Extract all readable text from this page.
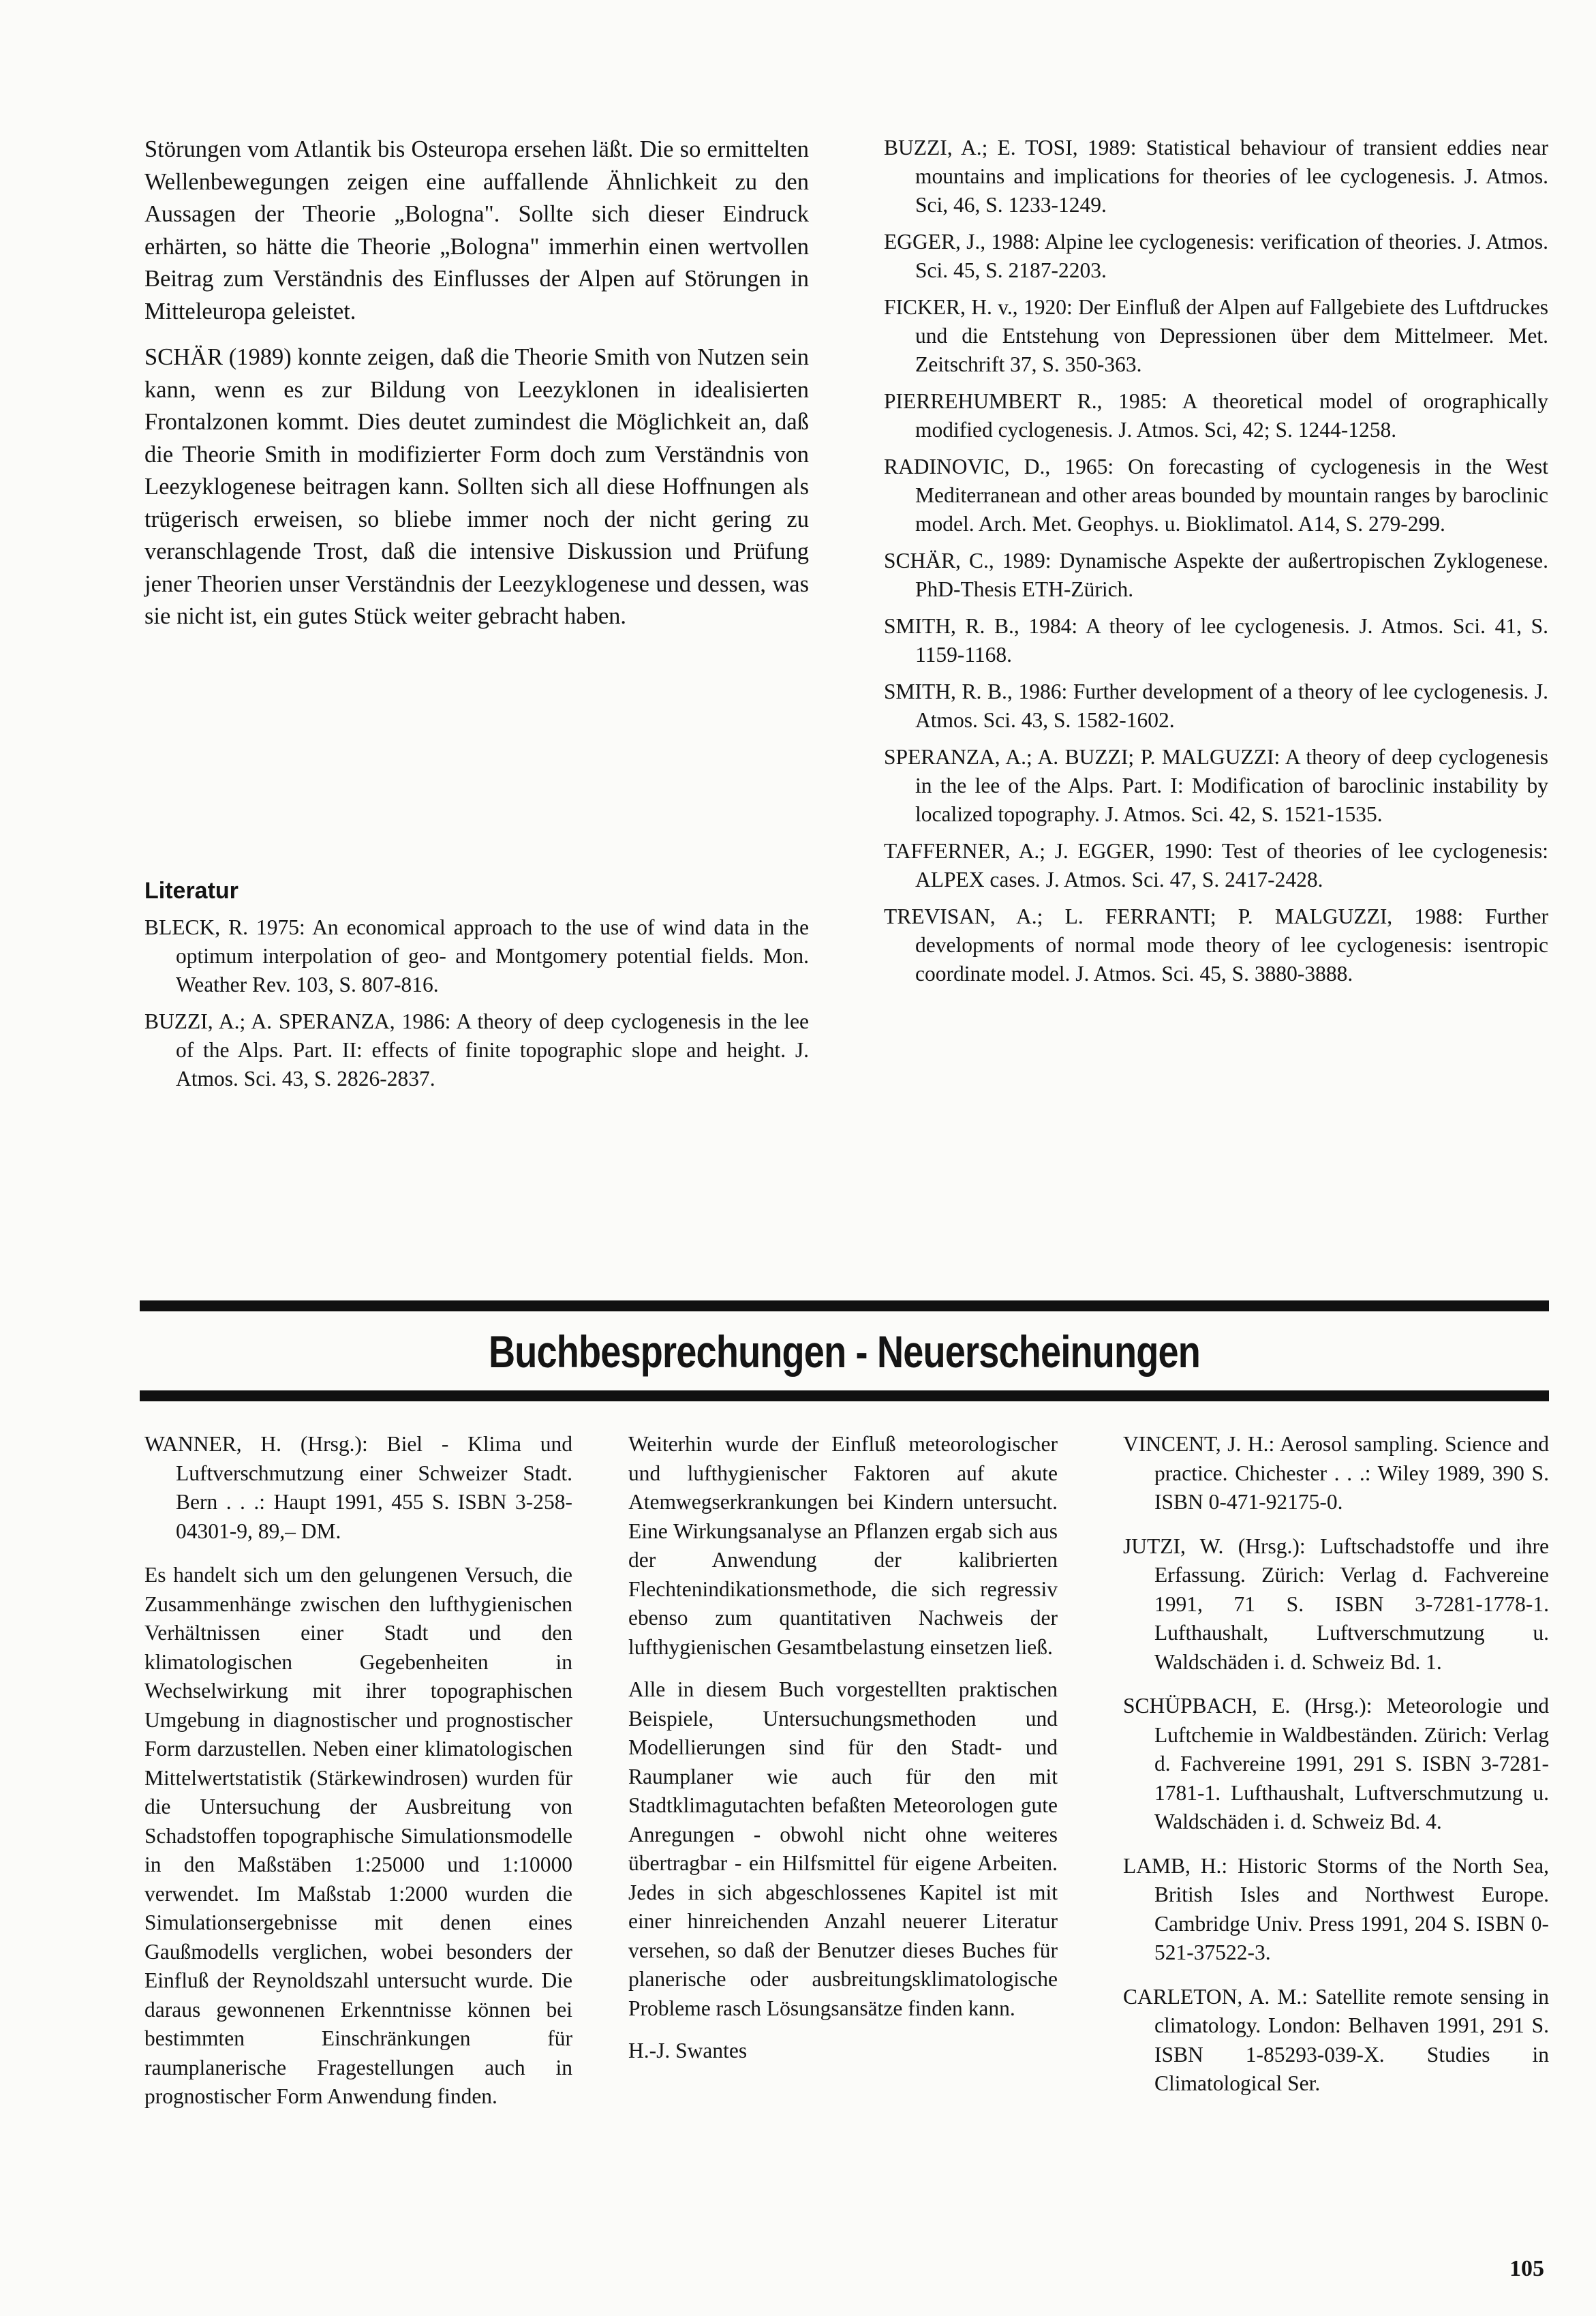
Störungen vom Atlantik bis Osteuropa ersehen läßt. Die so ermittelten Wellenbewegungen zeigen eine auffallende Ähnlichkeit zu den Aussagen der Theorie „Bologna". Sollte sich dieser Eindruck erhärten, so hätte die Theorie „Bologna" immerhin einen wertvollen Beitrag zum Verständnis des Einflusses der Alpen auf Störungen in Mitteleuropa geleistet.

SCHÄR (1989) konnte zeigen, daß die Theorie Smith von Nutzen sein kann, wenn es zur Bildung von Leezyklonen in idealisierten Frontalzonen kommt. Dies deutet zumindest die Möglichkeit an, daß die Theorie Smith in modifizierter Form doch zum Verständnis von Leezyklogenese beitragen kann. Sollten sich all diese Hoffnungen als trügerisch erweisen, so bliebe immer noch der nicht gering zu veranschlagende Trost, daß die intensive Diskussion und Prüfung jener Theorien unser Verständnis der Leezyklogenese und dessen, was sie nicht ist, ein gutes Stück weiter gebracht haben.

Literatur

BLECK, R. 1975: An economical approach to the use of wind data in the optimum interpolation of geo- and Montgomery potential fields. Mon. Weather Rev. 103, S. 807-816.

BUZZI, A.; A. SPERANZA, 1986: A theory of deep cyclogenesis in the lee of the Alps. Part. II: effects of finite topographic slope and height. J. Atmos. Sci. 43, S. 2826-2837.

BUZZI, A.; E. TOSI, 1989: Statistical behaviour of transient eddies near mountains and implications for theories of lee cyclogenesis. J. Atmos. Sci, 46, S. 1233-1249.

EGGER, J., 1988: Alpine lee cyclogenesis: verification of theories. J. Atmos. Sci. 45, S. 2187-2203.

FICKER, H. v., 1920: Der Einfluß der Alpen auf Fallgebiete des Luftdruckes und die Entstehung von Depressionen über dem Mittelmeer. Met. Zeitschrift 37, S. 350-363.

PIERREHUMBERT R., 1985: A theoretical model of orographically modified cyclogenesis. J. Atmos. Sci, 42; S. 1244-1258.

RADINOVIC, D., 1965: On forecasting of cyclogenesis in the West Mediterranean and other areas bounded by mountain ranges by baroclinic model. Arch. Met. Geophys. u. Bioklimatol. A14, S. 279-299.

SCHÄR, C., 1989: Dynamische Aspekte der außertropischen Zyklogenese. PhD-Thesis ETH-Zürich.

SMITH, R. B., 1984: A theory of lee cyclogenesis. J. Atmos. Sci. 41, S. 1159-1168.

SMITH, R. B., 1986: Further development of a theory of lee cyclogenesis. J. Atmos. Sci. 43, S. 1582-1602.

SPERANZA, A.; A. BUZZI; P. MALGUZZI: A theory of deep cyclogenesis in the lee of the Alps. Part. I: Modification of baroclinic instability by localized topography. J. Atmos. Sci. 42, S. 1521-1535.

TAFFERNER, A.; J. EGGER, 1990: Test of theories of lee cyclogenesis: ALPEX cases. J. Atmos. Sci. 47, S. 2417-2428.

TREVISAN, A.; L. FERRANTI; P. MALGUZZI, 1988: Further developments of normal mode theory of lee cyclogenesis: isentropic coordinate model. J. Atmos. Sci. 45, S. 3880-3888.

Buchbesprechungen - Neuerscheinungen

WANNER, H. (Hrsg.): Biel - Klima und Luftverschmutzung einer Schweizer Stadt. Bern . . .: Haupt 1991, 455 S. ISBN 3-258-04301-9, 89,– DM.

Es handelt sich um den gelungenen Versuch, die Zusammenhänge zwischen den lufthygienischen Verhältnissen einer Stadt und den klimatologischen Gegebenheiten in Wechselwirkung mit ihrer topographischen Umgebung in diagnostischer und prognostischer Form darzustellen. Neben einer klimatologischen Mittelwertstatistik (Stärkewindrosen) wurden für die Untersuchung der Ausbreitung von Schadstoffen topographische Simulationsmodelle in den Maßstäben 1:25000 und 1:10000 verwendet. Im Maßstab 1:2000 wurden die Simulationsergebnisse mit denen eines Gaußmodells verglichen, wobei besonders der Einfluß der Reynoldszahl untersucht wurde. Die daraus gewonnenen Erkenntnisse können bei bestimmten Einschränkungen für raumplanerische Fragestellungen auch in prognostischer Form Anwendung finden.

Weiterhin wurde der Einfluß meteorologischer und lufthygienischer Faktoren auf akute Atemwegserkrankungen bei Kindern untersucht. Eine Wirkungsanalyse an Pflanzen ergab sich aus der Anwendung der kalibrierten Flechtenindikationsmethode, die sich regressiv ebenso zum quantitativen Nachweis der lufthygienischen Gesamtbelastung einsetzen ließ.

Alle in diesem Buch vorgestellten praktischen Beispiele, Untersuchungsmethoden und Modellierungen sind für den Stadt- und Raumplaner wie auch für den mit Stadtklimagutachten befaßten Meteorologen gute Anregungen - obwohl nicht ohne weiteres übertragbar - ein Hilfsmittel für eigene Arbeiten. Jedes in sich abgeschlossenes Kapitel ist mit einer hinreichenden Anzahl neuerer Literatur versehen, so daß der Benutzer dieses Buches für planerische oder ausbreitungsklimatologische Probleme rasch Lösungsansätze finden kann.

H.-J. Swantes

VINCENT, J. H.: Aerosol sampling. Science and practice. Chichester . . .: Wiley 1989, 390 S. ISBN 0-471-92175-0.

JUTZI, W. (Hrsg.): Luftschadstoffe und ihre Erfassung. Zürich: Verlag d. Fachvereine 1991, 71 S. ISBN 3-7281-1778-1. Lufthaushalt, Luftverschmutzung u. Waldschäden i. d. Schweiz Bd. 1.

SCHÜPBACH, E. (Hrsg.): Meteorologie und Luftchemie in Waldbeständen. Zürich: Verlag d. Fachvereine 1991, 291 S. ISBN 3-7281-1781-1. Lufthaushalt, Luftverschmutzung u. Waldschäden i. d. Schweiz Bd. 4.

LAMB, H.: Historic Storms of the North Sea, British Isles and Northwest Europe. Cambridge Univ. Press 1991, 204 S. ISBN 0-521-37522-3.

CARLETON, A. M.: Satellite remote sensing in climatology. London: Belhaven 1991, 291 S. ISBN 1-85293-039-X. Studies in Climatological Ser.

105
